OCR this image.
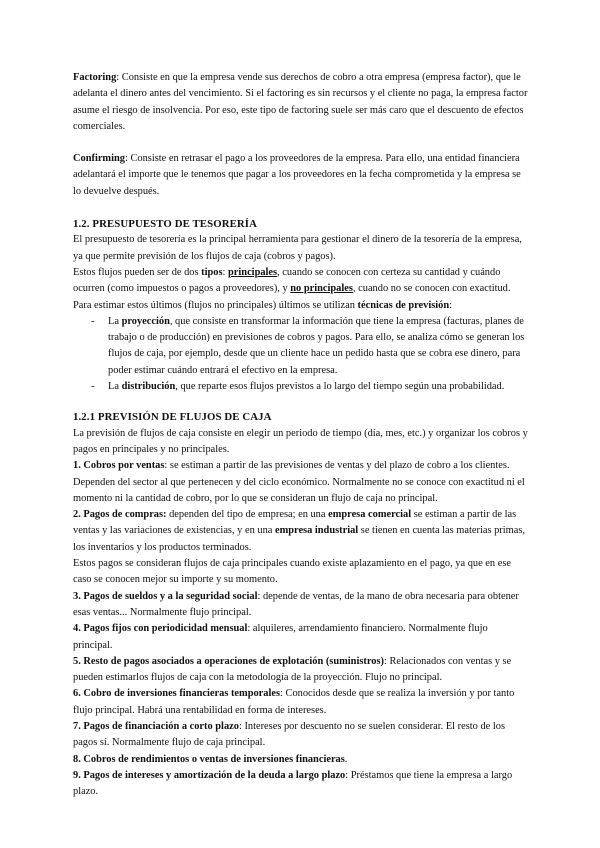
Factoring: Consiste en que la empresa vende sus derechos de cobro a otra empresa (empresa factor), que le adelanta el dinero antes del vencimiento. Si el factoring es sin recursos y el cliente no paga, la empresa factor asume el riesgo de insolvencia. Por eso, este tipo de factoring suele ser más caro que el descuento de efectos comerciales.

Confirming: Consiste en retrasar el pago a los proveedores de la empresa. Para ello, una entidad financiera adelantará el importe que le tenemos que pagar a los proveedores en la fecha comprometida y la empresa se lo devuelve después.

1.2. PRESUPUESTO DE TESORERÍA

El presupuesto de tesorería es la principal herramienta para gestionar el dinero de la tesorería de la empresa, ya que permite previsión de los flujos de caja (cobros y pagos).

Estos flujos pueden ser de dos tipos: principales, cuando se conocen con certeza su cantidad y cuándo ocurren (como impuestos o pagos a proveedores), y no principales, cuando no se conocen con exactitud.

Para estimar estos últimos (flujos no principales) últimos se utilizan técnicas de previsión:

- La proyección, que consiste en transformar la información que tiene la empresa (facturas, planes de trabajo o de producción) en previsiones de cobros y pagos. Para ello, se analiza cómo se generan los flujos de caja, por ejemplo, desde que un cliente hace un pedido hasta que se cobra ese dinero, para poder estimar cuándo entrará el efectivo en la empresa.
- La distribución, que reparte esos flujos previstos a lo largo del tiempo según una probabilidad.
1.2.1 PREVISIÓN DE FLUJOS DE CAJA

La previsión de flujos de caja consiste en elegir un periodo de tiempo (día, mes, etc.) y organizar los cobros y pagos en principales y no principales.

1. Cobros por ventas: se estiman a partir de las previsiones de ventas y del plazo de cobro a los clientes. Dependen del sector al que pertenecen y del ciclo económico. Normalmente no se conoce con exactitud ni el momento ni la cantidad de cobro, por lo que se consideran un flujo de caja no principal.

2. Pagos de compras: dependen del tipo de empresa; en una empresa comercial se estiman a partir de las ventas y las variaciones de existencias, y en una empresa industrial se tienen en cuenta las materias primas, los inventarios y los productos terminados.

Estos pagos se consideran flujos de caja principales cuando existe aplazamiento en el pago, ya que en ese caso se conocen mejor su importe y su momento.

3. Pagos de sueldos y a la seguridad social: depende de ventas, de la mano de obra necesaria para obtener esas ventas... Normalmente flujo principal.

4. Pagos fijos con periodicidad mensual: alquileres, arrendamiento financiero. Normalmente flujo principal.

5. Resto de pagos asociados a operaciones de explotación (suministros): Relacionados con ventas y se pueden estimarlos flujos de caja con la metodología de la proyección. Flujo no principal.

6. Cobro de inversiones financieras temporales: Conocidos desde que se realiza la inversión y por tanto flujo principal. Habrá una rentabilidad en forma de intereses.

7. Pagos de financiación a corto plazo: Intereses por descuento no se suelen considerar. El resto de los pagos sí. Normalmente flujo de caja principal.

8. Cobros de rendimientos o ventas de inversiones financieras.

9. Pagos de intereses y amortización de la deuda a largo plazo: Préstamos que tiene la empresa a largo plazo.
